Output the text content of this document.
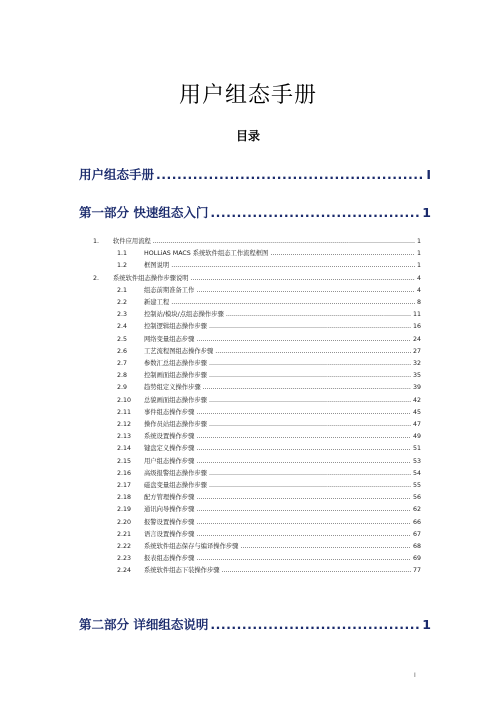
用户组态手册
目录
用户组态手册 .....	I
第一部分 快速组态入门 .....	1
1.	软件应用流程 .....	1
1.1	HOLLiAS MACS 系统软件组态工作流程框图 .....	1
1.2	框图说明 .....	1
2.	系统软件组态操作步骤说明 .....	4
2.1	组态前期准备工作 .....	4
2.2	新建工程 .....	8
2.3	控制站/模块/点组态操作步骤 .....	11
2.4	控制逻辑组态操作步骤 .....	16
2.5	网络变量组态步骤 .....	24
2.6	工艺流程图组态操作步骤 .....	27
2.7	参数汇总组态操作步骤 .....	32
2.8	控制画面组态操作步骤 .....	35
2.9	趋势组定义操作步骤 .....	39
2.10	总貌画面组态操作步骤 .....	42
2.11	事件组态操作步骤 .....	45
2.12	操作员站组态操作步骤 .....	47
2.13	系统设置操作步骤 .....	49
2.14	键盘定义操作步骤 .....	51
2.15	用户组态操作步骤 .....	53
2.16	高级报警组态操作步骤 .....	54
2.17	磁盘变量组态操作步骤 .....	55
2.18	配方管理操作步骤 .....	56
2.19	通讯向导操作步骤 .....	62
2.20	报警设置操作步骤 .....	66
2.21	语言设置操作步骤 .....	67
2.22	系统软件组态保存与编译操作步骤 .....	68
2.23	报表组态操作步骤 .....	69
2.24	系统软件组态下装操作步骤 .....	77
第二部分 详细组态说明 .....	1
I
